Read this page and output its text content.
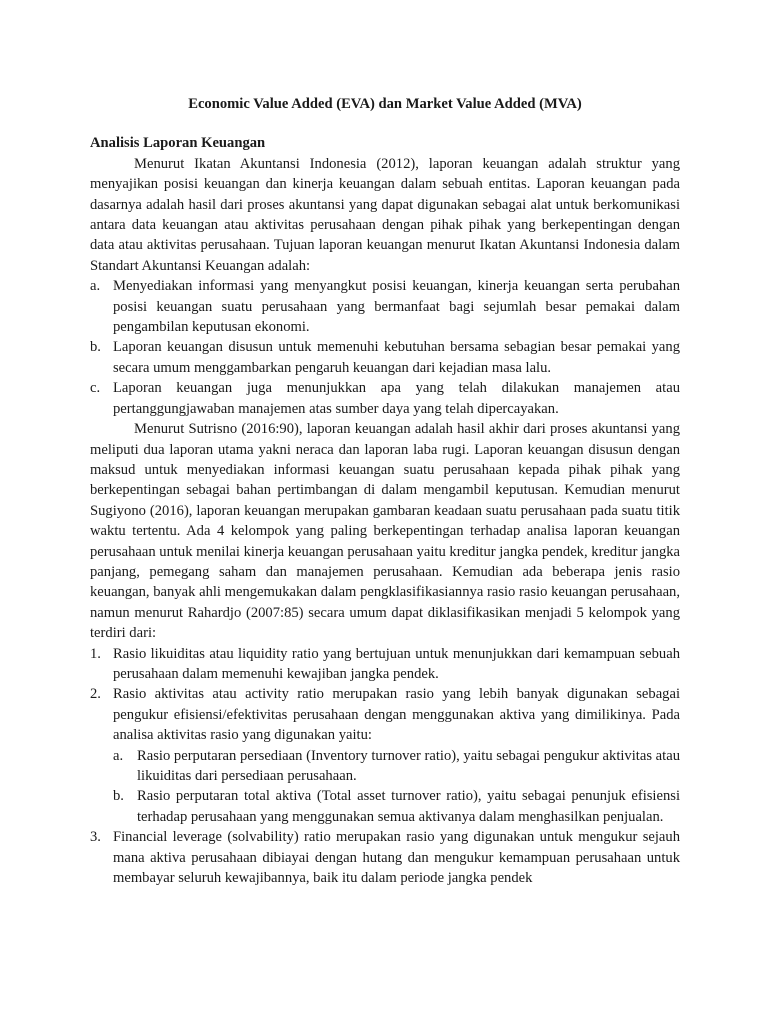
Economic Value Added (EVA) dan Market Value Added (MVA)
Analisis Laporan Keuangan

Menurut Ikatan Akuntansi Indonesia (2012), laporan keuangan adalah struktur yang menyajikan posisi keuangan dan kinerja keuangan dalam sebuah entitas. Laporan keuangan pada dasarnya adalah hasil dari proses akuntansi yang dapat digunakan sebagai alat untuk berkomunikasi antara data keuangan atau aktivitas perusahaan dengan pihak pihak yang berkepentingan dengan data atau aktivitas perusahaan. Tujuan laporan keuangan menurut Ikatan Akuntansi Indonesia dalam Standart Akuntansi Keuangan adalah:

a. Menyediakan informasi yang menyangkut posisi keuangan, kinerja keuangan serta perubahan posisi keuangan suatu perusahaan yang bermanfaat bagi sejumlah besar pemakai dalam pengambilan keputusan ekonomi.
b. Laporan keuangan disusun untuk memenuhi kebutuhan bersama sebagian besar pemakai yang secara umum menggambarkan pengaruh keuangan dari kejadian masa lalu.
c. Laporan keuangan juga menunjukkan apa yang telah dilakukan manajemen atau pertanggungjawaban manajemen atas sumber daya yang telah dipercayakan.

Menurut Sutrisno (2016:90), laporan keuangan adalah hasil akhir dari proses akuntansi yang meliputi dua laporan utama yakni neraca dan laporan laba rugi. Laporan keuangan disusun dengan maksud untuk menyediakan informasi keuangan suatu perusahaan kepada pihak pihak yang berkepentingan sebagai bahan pertimbangan di dalam mengambil keputusan. Kemudian menurut Sugiyono (2016), laporan keuangan merupakan gambaran keadaan suatu perusahaan pada suatu titik waktu tertentu. Ada 4 kelompok yang paling berkepentingan terhadap analisa laporan keuangan perusahaan untuk menilai kinerja keuangan perusahaan yaitu kreditur jangka pendek, kreditur jangka panjang, pemegang saham dan manajemen perusahaan. Kemudian ada beberapa jenis rasio keuangan, banyak ahli mengemukakan dalam pengklasifikasiannya rasio rasio keuangan perusahaan, namun menurut Rahardjo (2007:85) secara umum dapat diklasifikasikan menjadi 5 kelompok yang terdiri dari:

1. Rasio likuiditas atau liquidity ratio yang bertujuan untuk menunjukkan dari kemampuan sebuah perusahaan dalam memenuhi kewajiban jangka pendek.
2. Rasio aktivitas atau activity ratio merupakan rasio yang lebih banyak digunakan sebagai pengukur efisiensi/efektivitas perusahaan dengan menggunakan aktiva yang dimilikinya. Pada analisa aktivitas rasio yang digunakan yaitu:
a. Rasio perputaran persediaan (Inventory turnover ratio), yaitu sebagai pengukur aktivitas atau likuiditas dari persediaan perusahaan.
b. Rasio perputaran total aktiva (Total asset turnover ratio), yaitu sebagai penunjuk efisiensi terhadap perusahaan yang menggunakan semua aktivanya dalam menghasilkan penjualan.
3. Financial leverage (solvability) ratio merupakan rasio yang digunakan untuk mengukur sejauh mana aktiva perusahaan dibiayai dengan hutang dan mengukur kemampuan perusahaan untuk membayar seluruh kewajibannya, baik itu dalam periode jangka pendek
